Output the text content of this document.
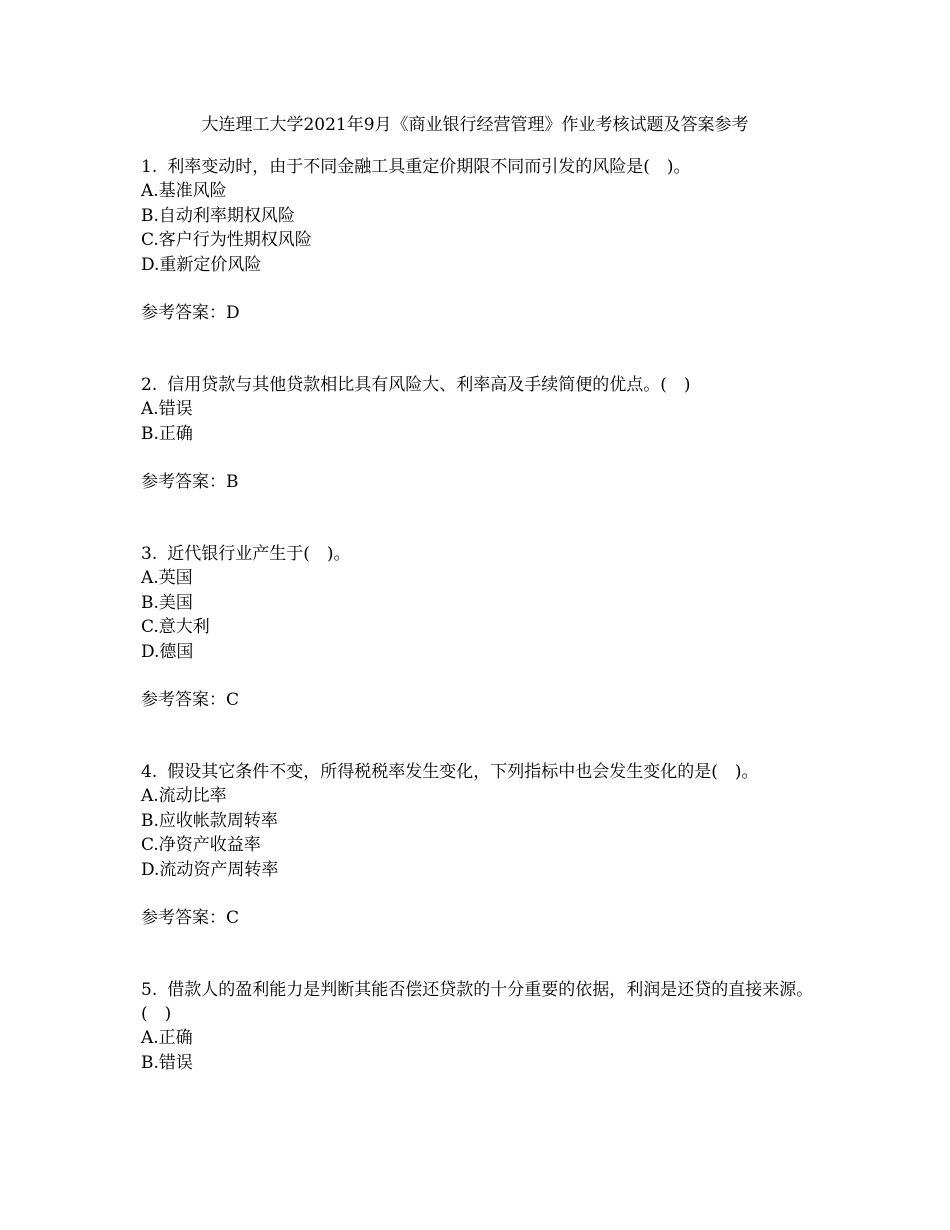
大连理工大学2021年9月《商业银行经营管理》作业考核试题及答案参考

1. 利率变动时，由于不同金融工具重定价期限不同而引发的风险是(　)。

A.基准风险

B.自动利率期权风险

C.客户行为性期权风险

D.重新定价风险

参考答案：D

2. 信用贷款与其他贷款相比具有风险大、利率高及手续简便的优点。(　)

A.错误

B.正确

参考答案：B

3. 近代银行业产生于(　)。

A.英国

B.美国

C.意大利

D.德国

参考答案：C

4. 假设其它条件不变，所得税税率发生变化，下列指标中也会发生变化的是(　)。

A.流动比率

B.应收帐款周转率

C.净资产收益率

D.流动资产周转率

参考答案：C

5. 借款人的盈利能力是判断其能否偿还贷款的十分重要的依据，利润是还贷的直接来源。(　)

A.正确

B.错误
